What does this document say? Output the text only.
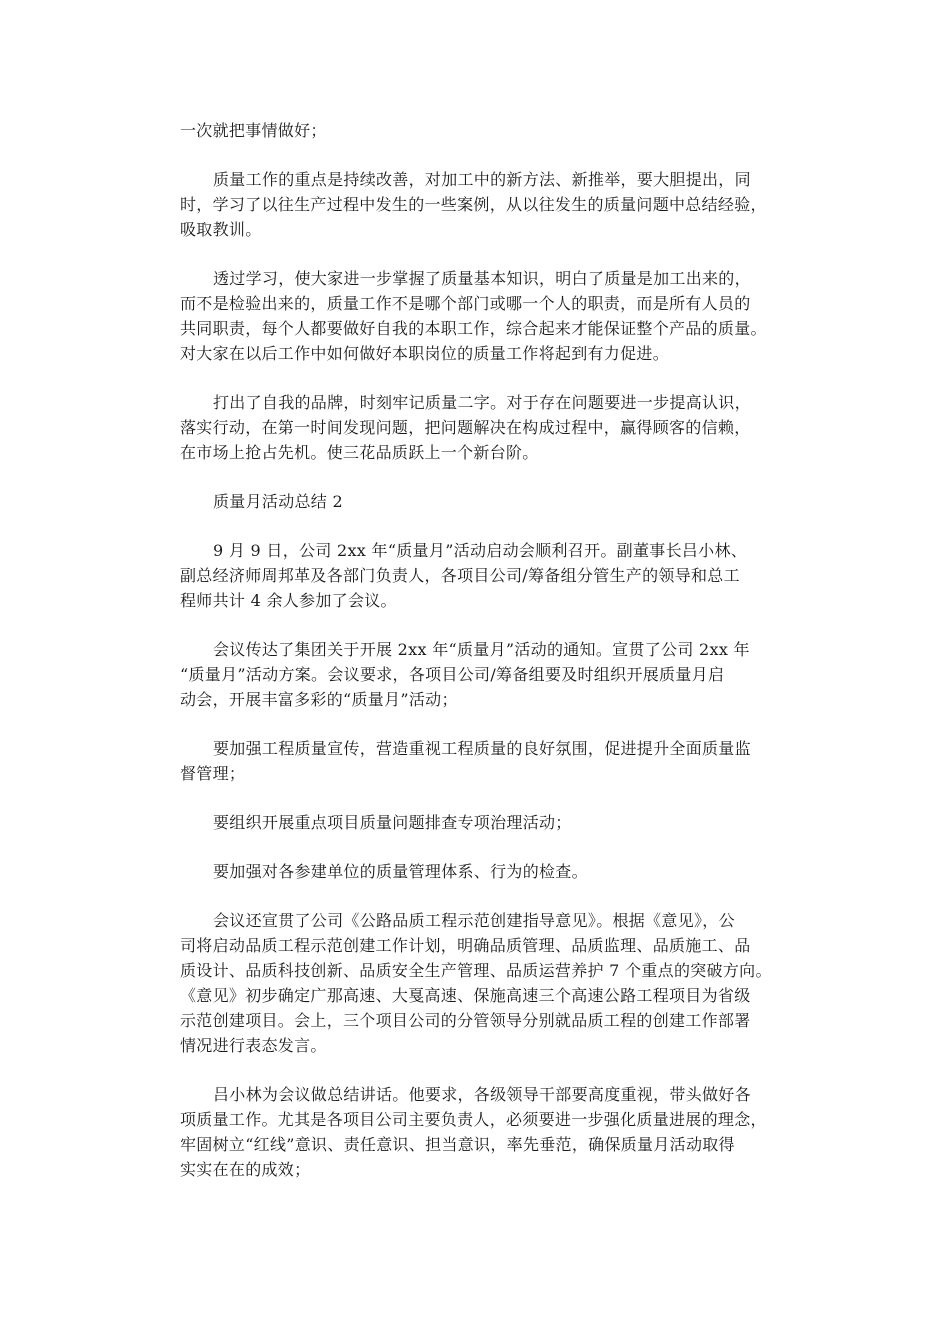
一次就把事情做好；

质量工作的重点是持续改善，对加工中的新方法、新推举，要大胆提出，同
时，学习了以往生产过程中发生的一些案例，从以往发生的质量问题中总结经验，
吸取教训。

透过学习，使大家进一步掌握了质量基本知识，明白了质量是加工出来的，
而不是检验出来的，质量工作不是哪个部门或哪一个人的职责，而是所有人员的
共同职责，每个人都要做好自我的本职工作，综合起来才能保证整个产品的质量。
对大家在以后工作中如何做好本职岗位的质量工作将起到有力促进。

打出了自我的品牌，时刻牢记质量二字。对于存在问题要进一步提高认识，
落实行动，在第一时间发现问题，把问题解决在构成过程中，赢得顾客的信赖，
在市场上抢占先机。使三花品质跃上一个新台阶。

质量月活动总结 2

9 月 9 日，公司 2xx 年“质量月”活动启动会顺利召开。副董事长吕小林、
副总经济师周邦革及各部门负责人，各项目公司/筹备组分管生产的领导和总工
程师共计 4 余人参加了会议。

会议传达了集团关于开展 2xx 年“质量月”活动的通知。宣贯了公司 2xx 年
“质量月”活动方案。会议要求，各项目公司/筹备组要及时组织开展质量月启
动会，开展丰富多彩的“质量月”活动；

要加强工程质量宣传，营造重视工程质量的良好氛围，促进提升全面质量监
督管理；

要组织开展重点项目质量问题排查专项治理活动；

要加强对各参建单位的质量管理体系、行为的检查。

会议还宣贯了公司《公路品质工程示范创建指导意见》。根据《意见》，公
司将启动品质工程示范创建工作计划，明确品质管理、品质监理、品质施工、品
质设计、品质科技创新、品质安全生产管理、品质运营养护 7 个重点的突破方向。
《意见》初步确定广那高速、大戛高速、保施高速三个高速公路工程项目为省级
示范创建项目。会上，三个项目公司的分管领导分别就品质工程的创建工作部署
情况进行表态发言。

吕小林为会议做总结讲话。他要求，各级领导干部要高度重视，带头做好各
项质量工作。尤其是各项目公司主要负责人，必须要进一步强化质量进展的理念，
牢固树立“红线”意识、责任意识、担当意识，率先垂范，确保质量月活动取得
实实在在的成效；
